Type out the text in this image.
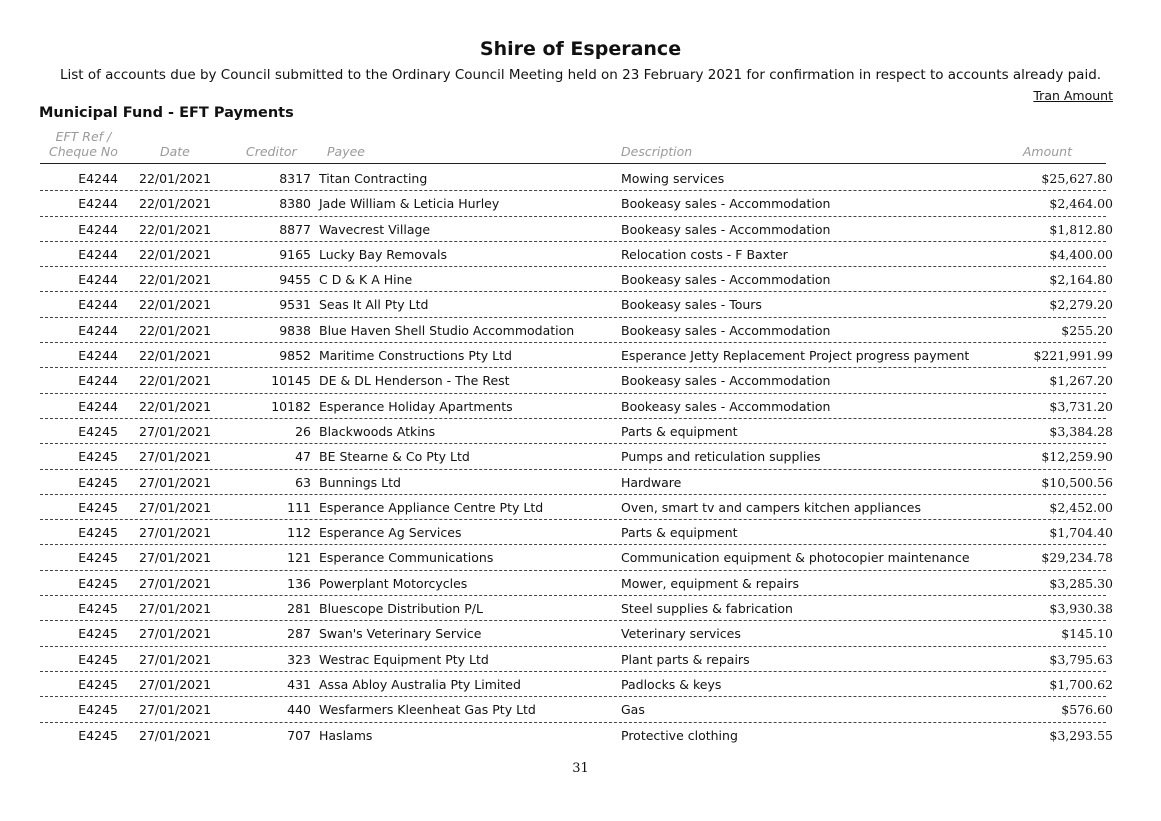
Shire of Esperance
List of accounts due by Council submitted to the Ordinary Council Meeting held on 23 February 2021 for confirmation in respect to accounts already paid.
Tran Amount
Municipal Fund - EFT Payments
EFT Ref /
Cheque No	Date	Creditor Payee	Description	Amount
E4244 22/01/2021	8317 Titan Contracting	Mowing services	$25,627.80
E4244 22/01/2021	8380 Jade William & Leticia Hurley	Bookeasy sales - Accommodation	$2,464.00
E4244 22/01/2021	8877 Wavecrest Village	Bookeasy sales - Accommodation	$1,812.80
E4244 22/01/2021	9165 Lucky Bay Removals	Relocation costs - F Baxter	$4,400.00
E4244 22/01/2021	9455 C D & K A Hine	Bookeasy sales - Accommodation	$2,164.80
E4244 22/01/2021	9531 Seas It All Pty Ltd	Bookeasy sales - Tours	$2,279.20
E4244 22/01/2021	9838 Blue Haven Shell Studio Accommodation	Bookeasy sales - Accommodation	$255.20
E4244 22/01/2021	9852 Maritime Constructions Pty Ltd	Esperance Jetty Replacement Project progress payment	$221,991.99
E4244 22/01/2021	10145 DE & DL Henderson - The Rest	Bookeasy sales - Accommodation	$1,267.20
E4244 22/01/2021	10182 Esperance Holiday Apartments	Bookeasy sales - Accommodation	$3,731.20
E4245 27/01/2021	26 Blackwoods Atkins	Parts & equipment	$3,384.28
E4245 27/01/2021	47 BE Stearne & Co Pty Ltd	Pumps and reticulation supplies	$12,259.90
E4245 27/01/2021	63 Bunnings Ltd	Hardware	$10,500.56
E4245 27/01/2021	111 Esperance Appliance Centre Pty Ltd	Oven, smart tv and campers kitchen appliances	$2,452.00
E4245 27/01/2021	112 Esperance Ag Services	Parts & equipment	$1,704.40
E4245 27/01/2021	121 Esperance Communications	Communication equipment & photocopier maintenance	$29,234.78
E4245 27/01/2021	136 Powerplant Motorcycles	Mower, equipment & repairs	$3,285.30
E4245 27/01/2021	281 Bluescope Distribution P/L	Steel supplies & fabrication	$3,930.38
E4245 27/01/2021	287 Swan's Veterinary Service	Veterinary services	$145.10
E4245 27/01/2021	323 Westrac Equipment Pty Ltd	Plant parts & repairs	$3,795.63
E4245 27/01/2021	431 Assa Abloy Australia Pty Limited	Padlocks & keys	$1,700.62
E4245 27/01/2021	440 Wesfarmers Kleenheat Gas Pty Ltd	Gas	$576.60
E4245 27/01/2021	707 Haslams	Protective clothing	$3,293.55
31
